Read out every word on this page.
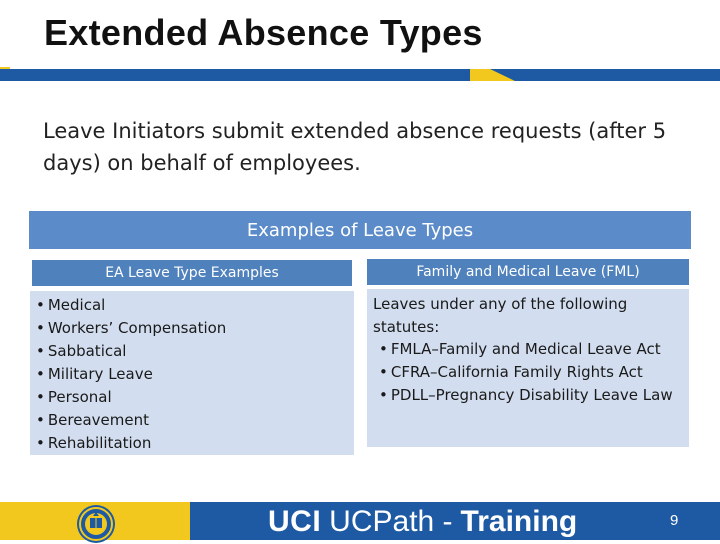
Extended Absence Types
Leave Initiators submit extended absence requests (after 5 days) on behalf of employees.
Examples of Leave Types
EA Leave Type Examples
• Medical
• Workers’ Compensation
• Sabbatical
• Military Leave
• Personal
• Bereavement
• Rehabilitation
Family and Medical Leave (FML)
Leaves under any of the following statutes:
• FMLA–Family and Medical Leave Act
• CFRA–California Family Rights Act
• PDLL–Pregnancy Disability Leave Law
UCI UCPath - Training	9
